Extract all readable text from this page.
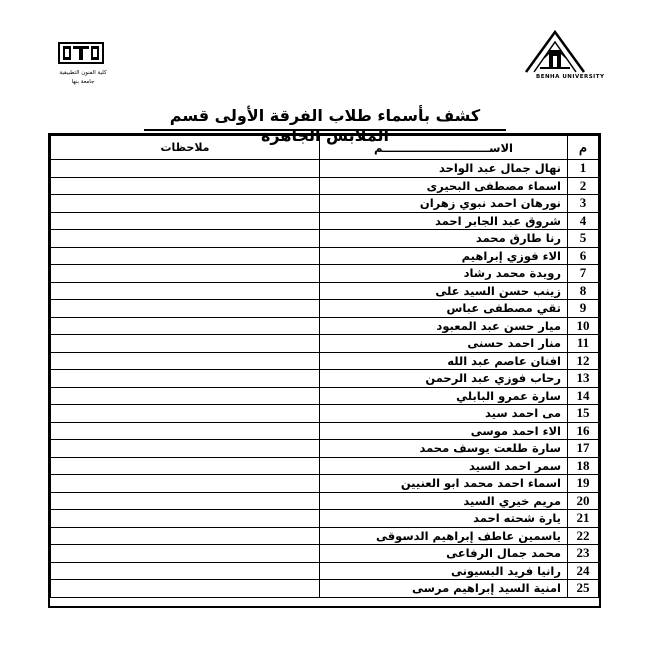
كلية الفنون التطبيقية
جامعة بنها
BENHA UNIVERSITY
كشف بأسماء طلاب الفرقة الأولى قسم الملابس الجاهزة
م	الاســـــــــــــــــــــــــــم	ملاحظات
1	نهال جمال عبد الواحد	
2	اسماء مصطفى البحيرى	
3	نورهان احمد نبوي زهران	
4	شروق عبد الجابر احمد	
5	رنا طارق محمد	
6	الاء فوزي إبراهيم	
7	رويدة محمد رشاد	
8	زينب حسن السيد على	
9	تقي مصطفى عباس	
10	ميار حسن عبد المعبود	
11	منار احمد حسنى	
12	افنان عاصم عبد الله	
13	رحاب فوزي عبد الرحمن	
14	سارة عمرو البابلي	
15	مى احمد سيد	
16	الاء احمد موسى	
17	سارة طلعت يوسف محمد	
18	سمر احمد السيد	
19	اسماء احمد محمد ابو العنيين	
20	مريم خيري السيد	
21	يارة شحته احمد	
22	ياسمين عاطف إبراهيم الدسوقى	
23	محمد جمال الرفاعى	
24	رانيا فريد البسيونى	
25	امنية السيد إبراهيم مرسى	
